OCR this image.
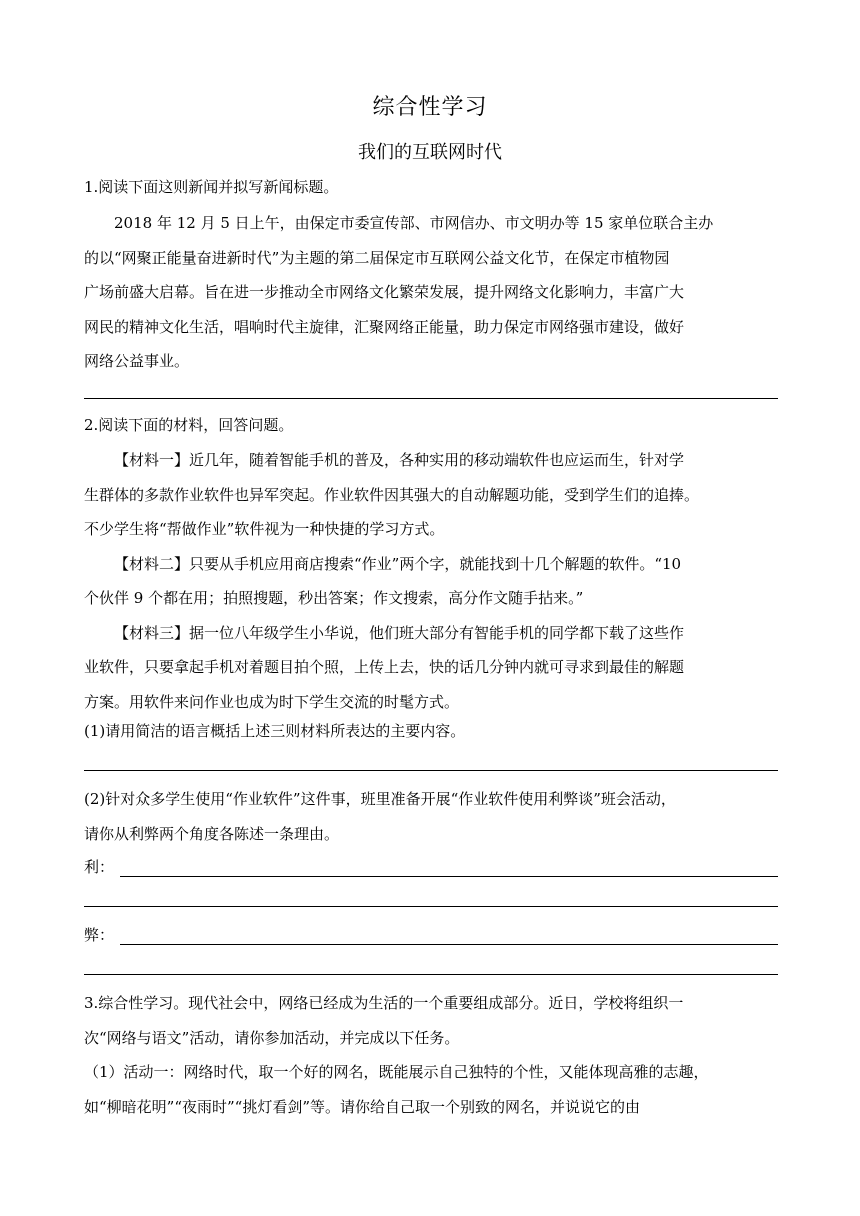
综合性学习
我们的互联网时代
1.阅读下面这则新闻并拟写新闻标题。
2018 年 12 月 5 日上午，由保定市委宣传部、市网信办、市文明办等 15 家单位联合主办
的以“网聚正能量奋进新时代”为主题的第二届保定市互联网公益文化节，在保定市植物园
广场前盛大启幕。旨在进一步推动全市网络文化繁荣发展，提升网络文化影响力，丰富广大
网民的精神文化生活，唱响时代主旋律，汇聚网络正能量，助力保定市网络强市建设，做好
网络公益事业。
2.阅读下面的材料，回答问题。
【材料一】近几年，随着智能手机的普及，各种实用的移动端软件也应运而生，针对学
生群体的多款作业软件也异军突起。作业软件因其强大的自动解题功能，受到学生们的追捧。
不少学生将“帮做作业”软件视为一种快捷的学习方式。
【材料二】只要从手机应用商店搜索“作业”两个字，就能找到十几个解题的软件。“10
个伙伴 9 个都在用；拍照搜题，秒出答案；作文搜索，高分作文随手拈来。”
【材料三】据一位八年级学生小华说，他们班大部分有智能手机的同学都下载了这些作
业软件，只要拿起手机对着题目拍个照，上传上去，快的话几分钟内就可寻求到最佳的解题
方案。用软件来问作业也成为时下学生交流的时髦方式。
(1)请用简洁的语言概括上述三则材料所表达的主要内容。
(2)针对众多学生使用“作业软件”这件事，班里准备开展“作业软件使用利弊谈”班会活动，
请你从利弊两个角度各陈述一条理由。
利：
弊：
3.综合性学习。现代社会中，网络已经成为生活的一个重要组成部分。近日，学校将组织一
次“网络与语文”活动，请你参加活动，并完成以下任务。
（1）活动一：网络时代，取一个好的网名，既能展示自己独特的个性，又能体现高雅的志趣，
如“柳暗花明”“夜雨时”“挑灯看剑”等。请你给自己取一个别致的网名，并说说它的由
